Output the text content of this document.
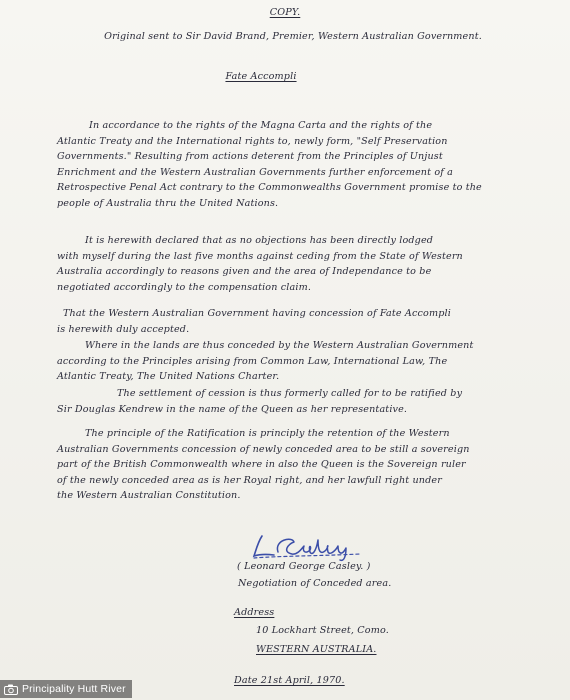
COPY.
Original sent to Sir David Brand, Premier, Western Australian Government.
Fate Accompli
In accordance to the rights of the Magna Carta and the rights of the
Atlantic Treaty and the International rights to, newly form, "Self Preservation
Governments." Resulting from actions deterent from the Principles of Unjust
Enrichment and the Western Australian Governments further enforcement of a
Retrospective Penal Act contrary to the Commonwealths Government promise to the
people of Australia thru the United Nations.
It is herewith declared that as no objections has been directly lodged
with myself during the last five months against ceding from the State of Western
Australia accordingly to reasons given and the area of Independance to be
negotiated accordingly to the compensation claim.
That the Western Australian Government having concession of Fate Accompli
is herewith duly accepted.
Where in the lands are thus conceded by the Western Australian Government
according to the Principles arising from Common Law, International Law, The
Atlantic Treaty, The United Nations Charter.
The settlement of cession is thus formerly called for to be ratified by
Sir Douglas Kendrew in the name of the Queen as her representative.
The principle of the Ratification is principly the retention of the Western
Australian Governments concession of newly conceded area to be still a sovereign
part of the British Commonwealth where in also the Queen is the Sovereign ruler
of the newly conceded area as is her Royal right, and her lawfull right under
the Western Australian Constitution.
( Leonard George Casley. )
Negotiation of Conceded area.
Address
10 Lockhart Street, Como.
WESTERN AUSTRALIA.
Date 21st April, 1970.
Principality Hutt River
